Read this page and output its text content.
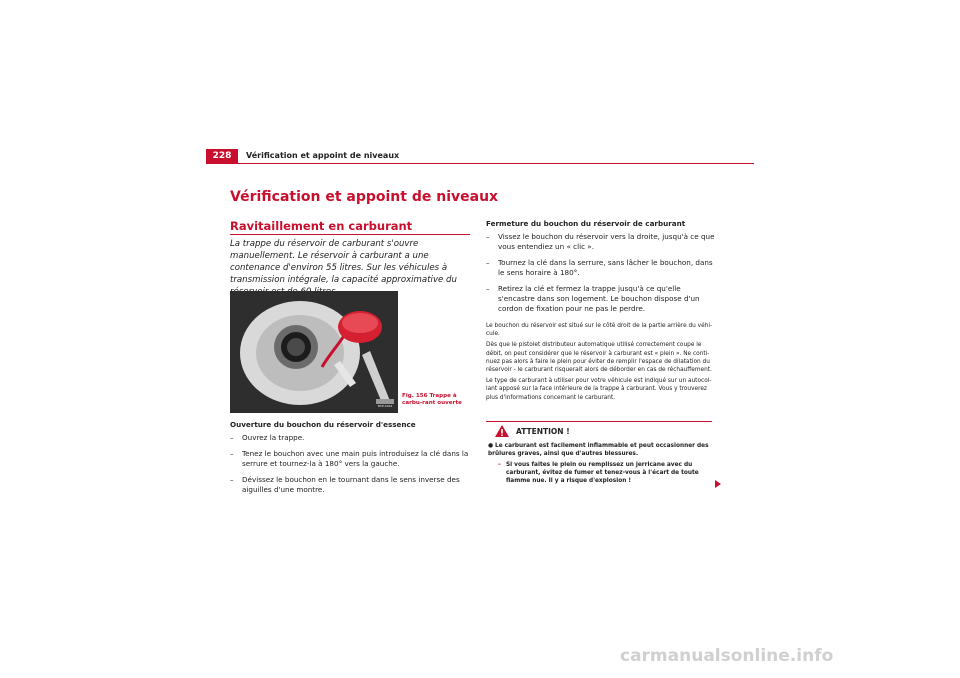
228	Vérification et appoint de niveaux
Vérification et appoint de niveaux
Ravitaillement en carburant

La trappe du réservoir de carburant s'ouvre manuellement. Le réservoir à carburant a une contenance d'environ 55 litres. Sur les véhicules à transmission intégrale, la capacité approximative du

B5P-0442

Fig. 156 Trappe à carbu-rant ouverte

Ouverture du bouchon du réservoir d'essence

– Ouvrez la trappe.
– Tenez le bouchon avec une main puis introduisez la clé dans la serrure et tournez-la à 180° vers la gauche.
– Dévissez le bouchon en le tournant dans le sens inverse des aiguilles d'une montre.

Fermeture du bouchon du réservoir de carburant

– Vissez le bouchon du réservoir vers la droite, jusqu'à ce que vous entendiez un « clic ».
– Tournez la clé dans la serrure, sans lâcher le bouchon, dans le sens horaire à 180°.
– Retirez la clé et fermez la trappe jusqu'à ce qu'elle s'encastre dans son logement. Le bouchon dispose d'un cordon de fixation pour ne pas le perdre.

Le bouchon du réservoir est situé sur le côté droit de la partie arrière du véhi-cule.

Dès que le pistolet distributeur automatique utilisé correctement coupe le débit, on peut considérer que le réservoir à carburant est « plein ». Ne conti-nuez pas alors à faire le plein pour éviter de remplir l'espace de dilatation du réservoir - le carburant risquerait alors de déborder en cas de réchauffement.

Le type de carburant à utiliser pour votre véhicule est indiqué sur un autocol-lant apposé sur la face intérieure de la trappe à carburant. Vous y trouverez plus d'informations concernant le carburant.

ATTENTION !

● Le carburant est facilement inflammable et peut occasionner des brûlures graves, ainsi que d'autres blessures.

– Si vous faites le plein ou remplissez un jerricane avec du carburant, évitez de fumer et tenez-vous à l'écart de toute flamme nue. Il y a risque d'explosion !

carmanualsonline.info
